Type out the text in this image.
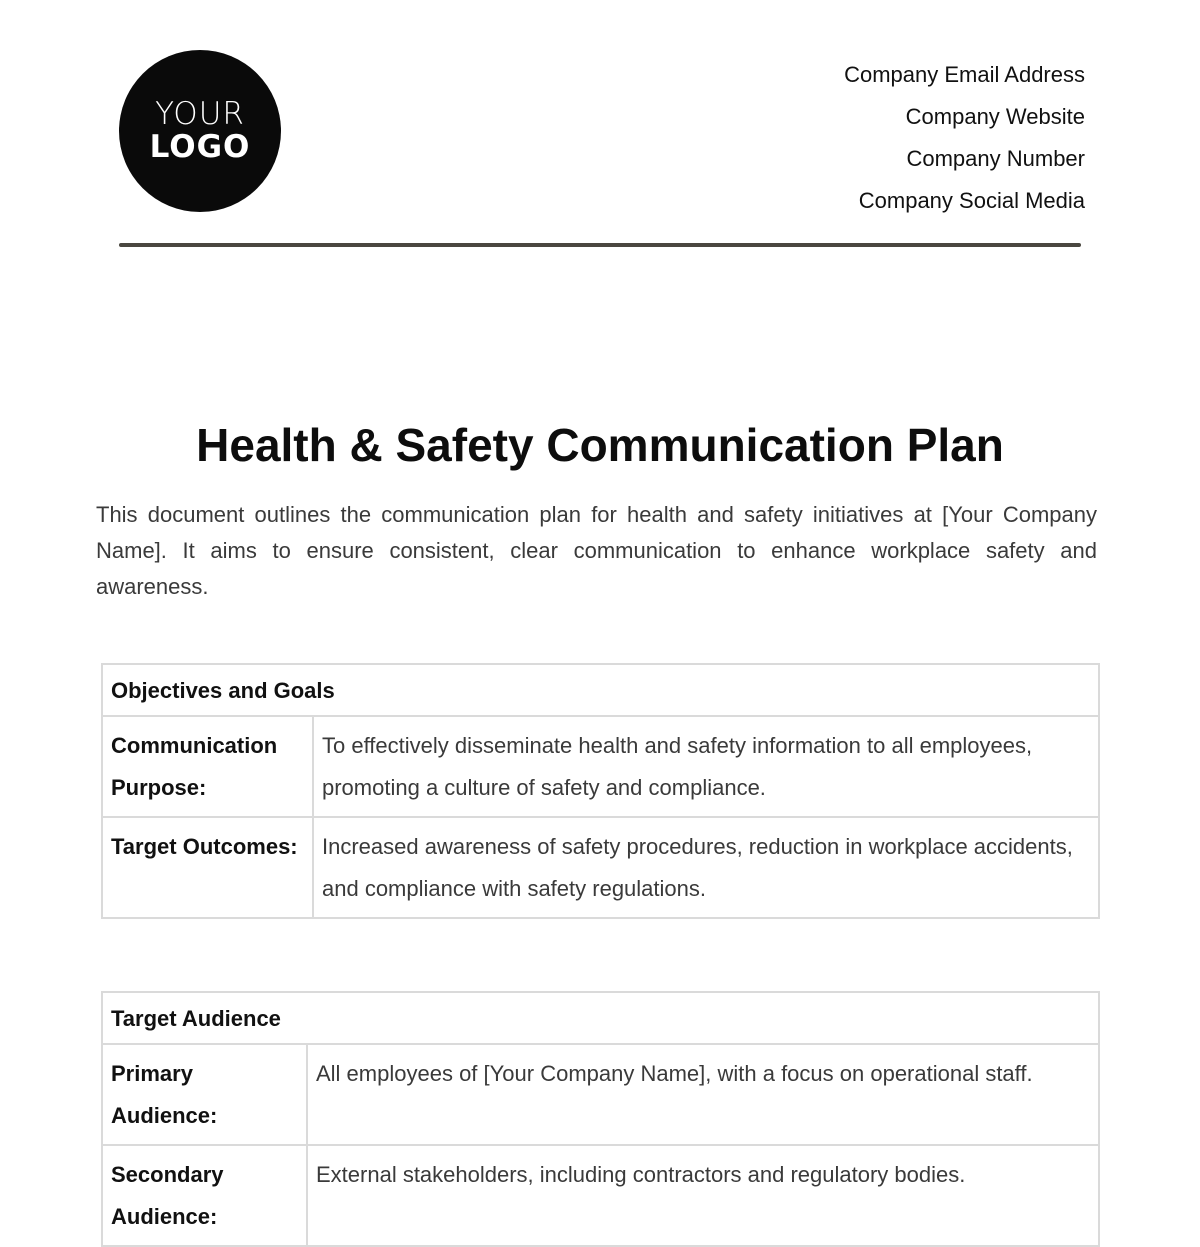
YOUR
LOGO
Company Email Address
Company Website
Company Number
Company Social Media
Health & Safety Communication Plan

This document outlines the communication plan for health and safety initiatives at [Your Company Name]. It aims to ensure consistent, clear communication to enhance workplace safety and awareness.

Objectives and Goals	
Communication Purpose:	To effectively disseminate health and safety information to all employees, promoting a culture of safety and compliance.
Target Outcomes:	Increased awareness of safety procedures, reduction in workplace accidents, and compliance with safety regulations.
Target Audience	
Primary Audience:	All employees of [Your Company Name], with a focus on operational staff.
Secondary Audience:	External stakeholders, including contractors and regulatory bodies.
